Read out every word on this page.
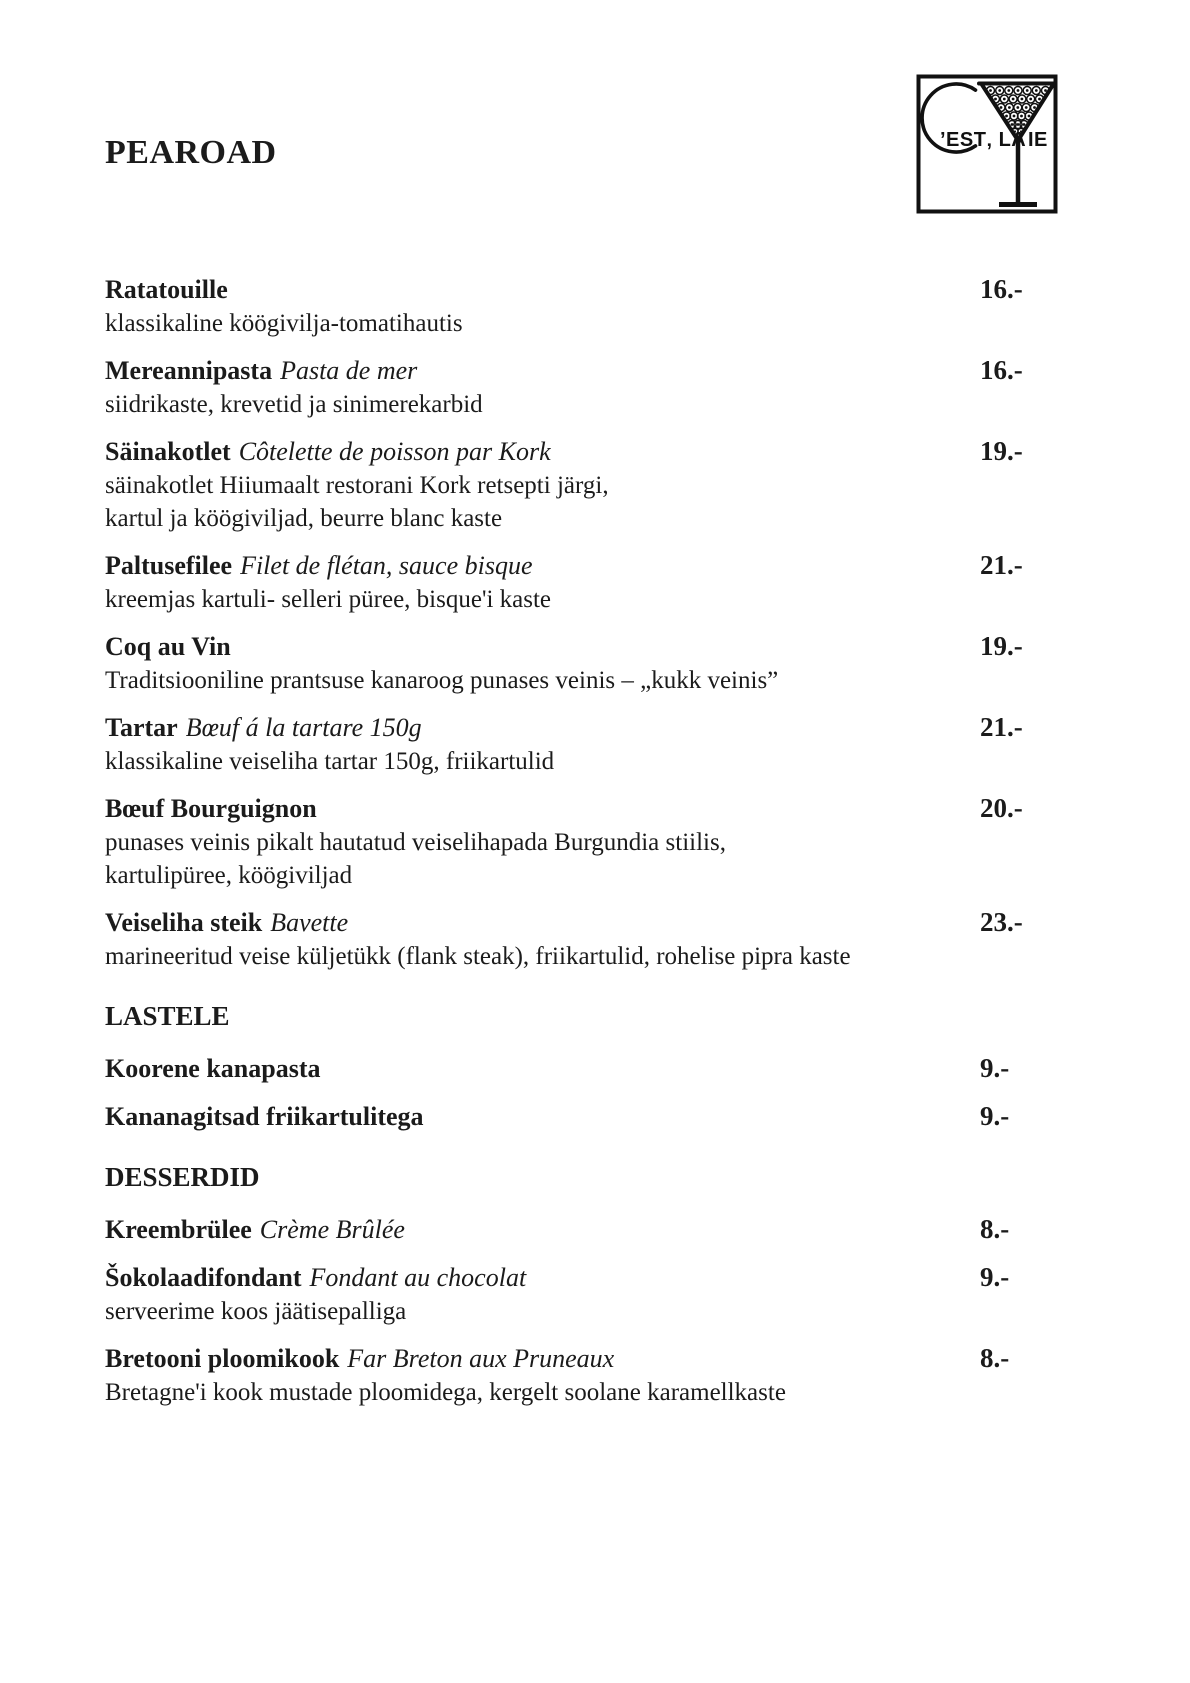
PEAROAD	’EST‚ LA IE
Ratatouille	16.-
klassikaline köögivilja-tomatihautis
Mereannipasta Pasta de mer	16.-
siidrikaste, krevetid ja sinimerekarbid
Säinakotlet Côtelette de poisson par Kork	19.-
säinakotlet Hiiumaalt restorani Kork retsepti järgi,
kartul ja köögiviljad, beurre blanc kaste
Paltusefilee Filet de flétan, sauce bisque	21.-
kreemjas kartuli- selleri püree, bisque'i kaste
Coq au Vin	19.-
Traditsiooniline prantsuse kanaroog punases veinis – „kukk veinis”
Tartar Bœuf á la tartare 150g	21.-
klassikaline veiseliha tartar 150g, friikartulid
Bœuf Bourguignon	20.-
punases veinis pikalt hautatud veiselihapada Burgundia stiilis,
kartulipüree, köögiviljad
Veiseliha steik Bavette	23.-
marineeritud veise küljetükk (flank steak), friikartulid, rohelise pipra kaste
LASTELE
Koorene kanapasta	9.-
Kananagitsad friikartulitega	9.-
DESSERDID
Kreembrülee Crème Brûlée	8.-
Šokolaadifondant Fondant au chocolat	9.-
serveerime koos jäätisepalliga
Bretooni ploomikook Far Breton aux Pruneaux	8.-
Bretagne'i kook mustade ploomidega, kergelt soolane karamellkaste
